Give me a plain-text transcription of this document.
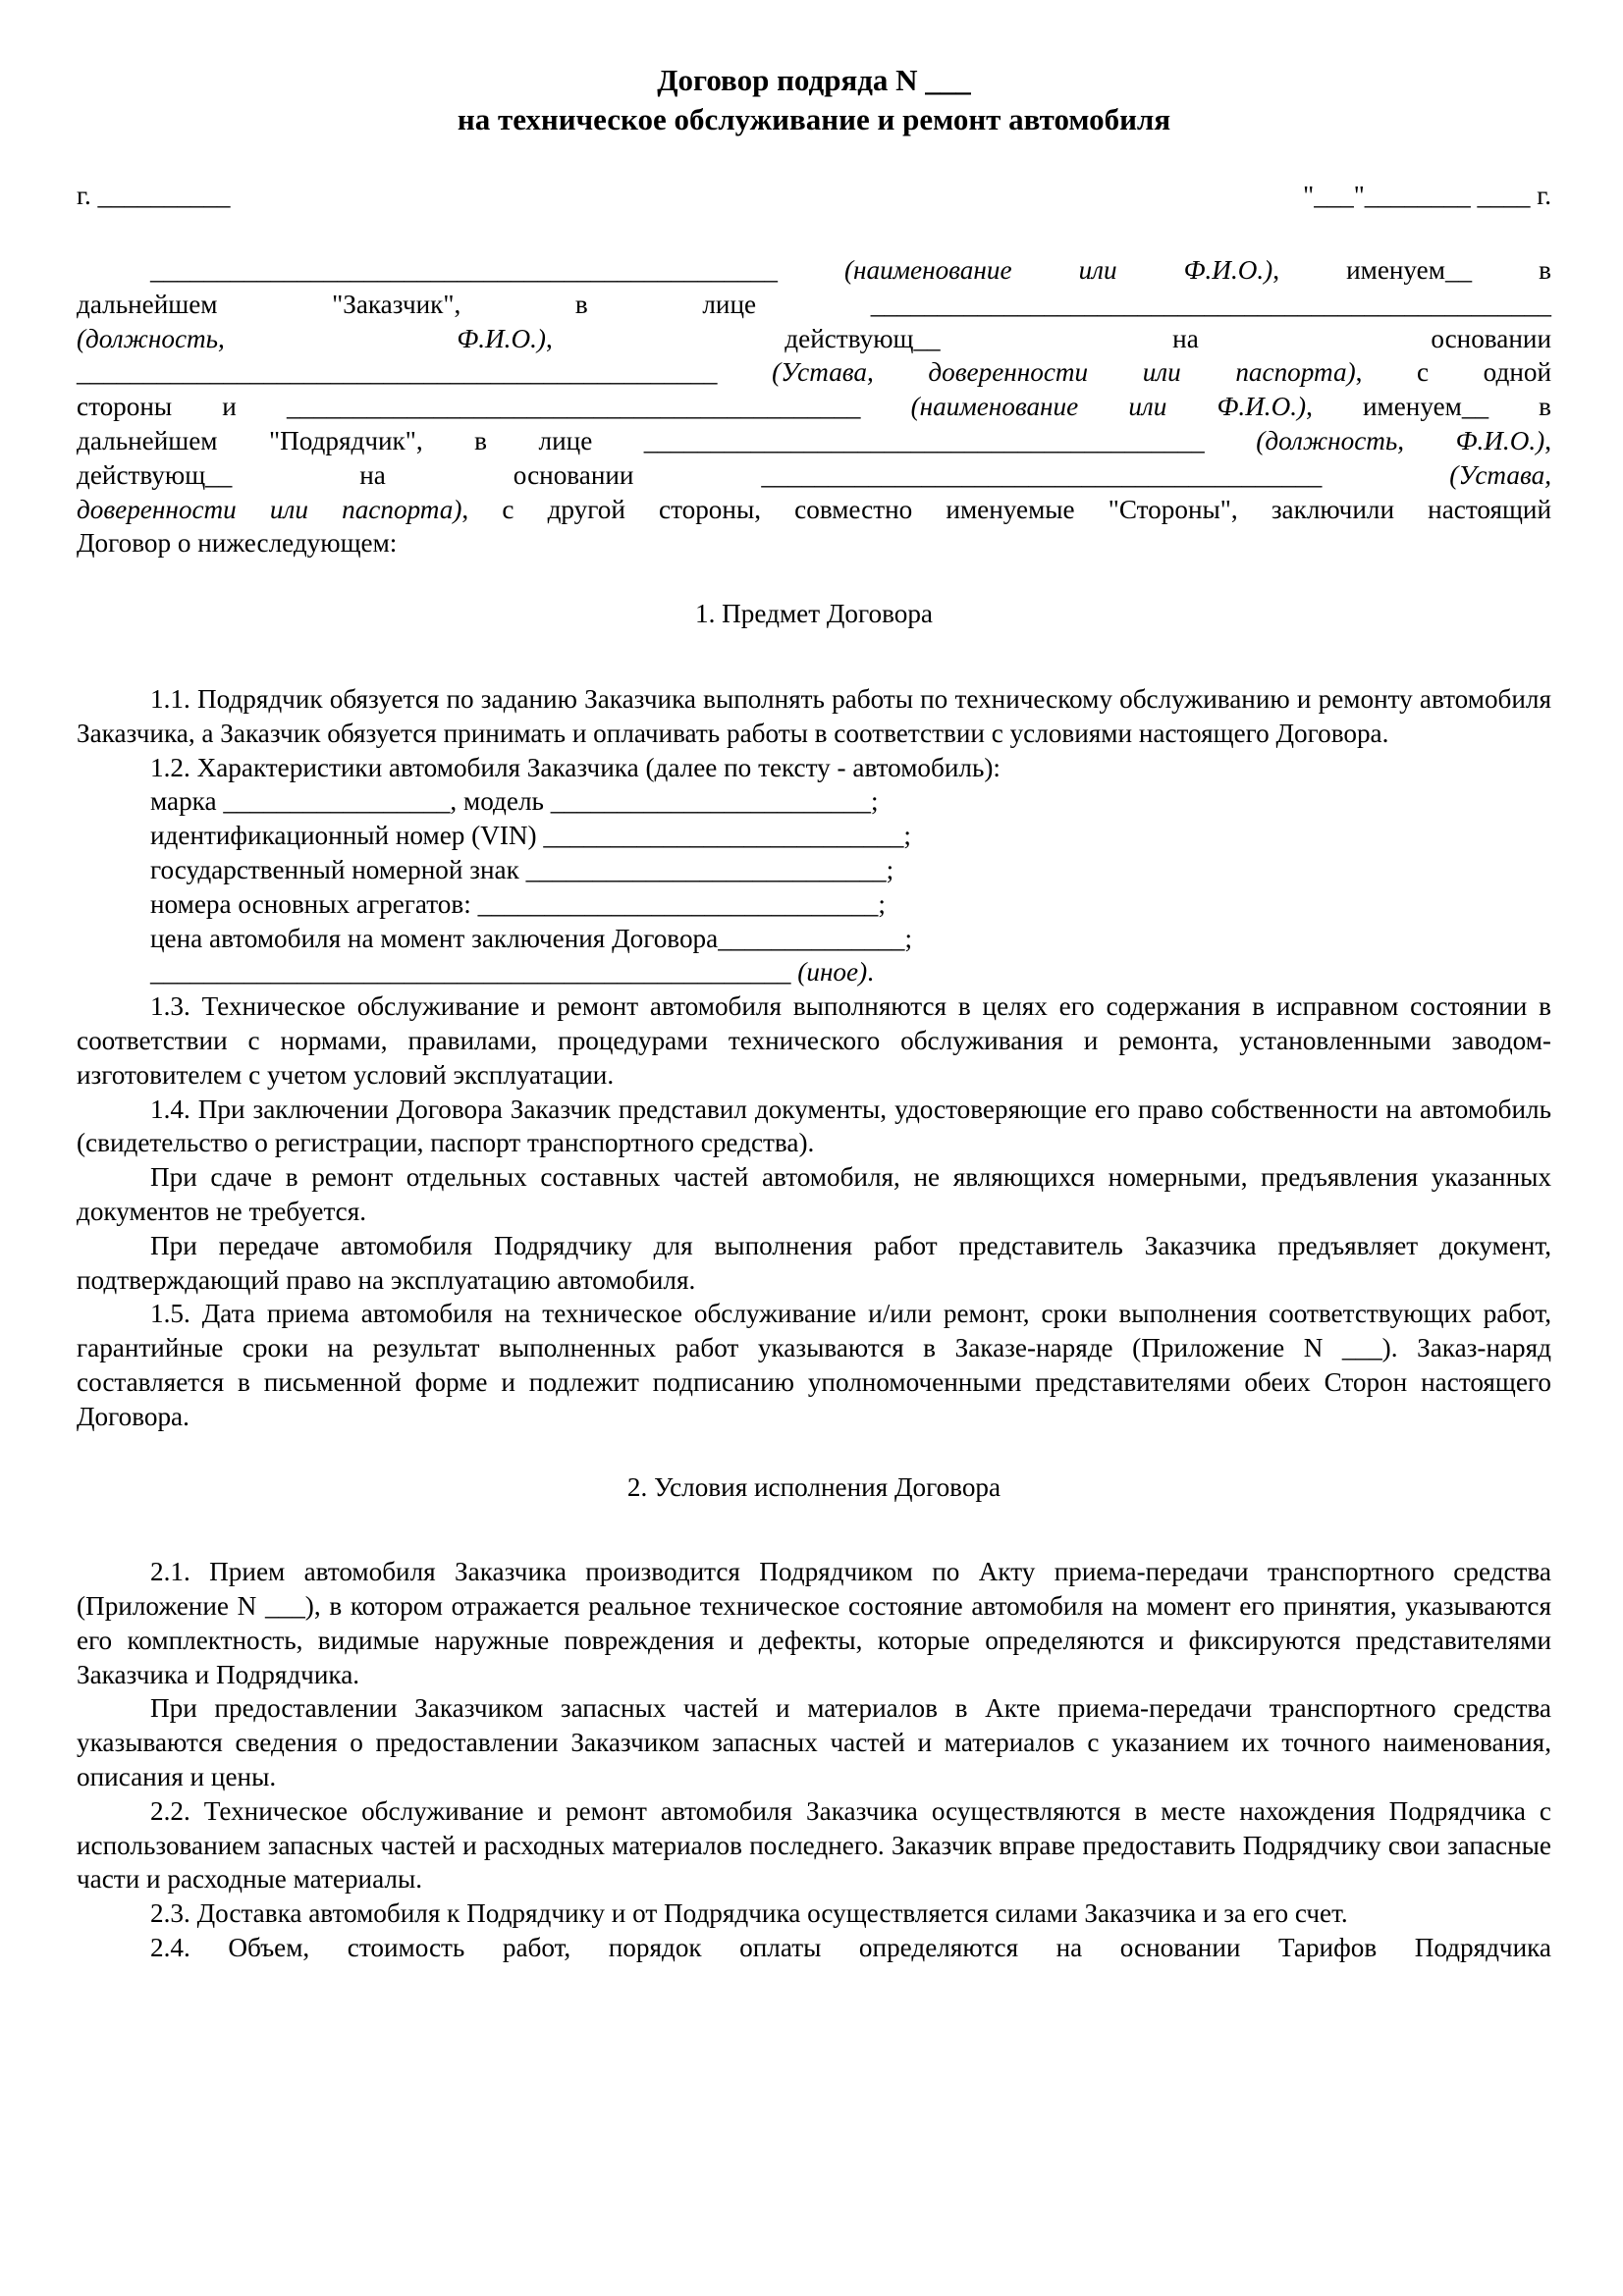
Договор подряда N ___
на техническое обслуживание и ремонт автомобиля
г. __________	"___"________ ____ г.

_______________________________________________ (наименование или Ф.И.О.), именуем__ в

дальнейшем "Заказчик", в лице ___________________________________________________

(должность, Ф.И.О.), действующ__ на основании

________________________________________________ (Устава, доверенности или паспорта), с одной

стороны и ___________________________________________ (наименование или Ф.И.О.), именуем__ в

дальнейшем "Подрядчик", в лице __________________________________________ (должность, Ф.И.О.),

действующ__ на основании __________________________________________ (Устава,

доверенности или паспорта), с другой стороны, совместно именуемые "Стороны", заключили настоящий

Договор о нижеследующем:

1. Предмет Договора

1.1. Подрядчик обязуется по заданию Заказчика выполнять работы по техническому обслуживанию и ремонту автомобиля Заказчика, а Заказчик обязуется принимать и оплачивать работы в соответствии с условиями настоящего Договора.

1.2. Характеристики автомобиля Заказчика (далее по тексту - автомобиль):

марка _________________, модель ________________________;

идентификационный номер (VIN) ___________________________;

государственный номерной знак ___________________________;

номера основных агрегатов: ______________________________;

цена автомобиля на момент заключения Договора______________;

________________________________________________ (иное).

1.3. Техническое обслуживание и ремонт автомобиля выполняются в целях его содержания в исправном состоянии в соответствии с нормами, правилами, процедурами технического обслуживания и ремонта, установленными заводом-изготовителем с учетом условий эксплуатации.

1.4. При заключении Договора Заказчик представил документы, удостоверяющие его право собственности на автомобиль (свидетельство о регистрации, паспорт транспортного средства).

При сдаче в ремонт отдельных составных частей автомобиля, не являющихся номерными, предъявления указанных документов не требуется.

При передаче автомобиля Подрядчику для выполнения работ представитель Заказчика предъявляет документ, подтверждающий право на эксплуатацию автомобиля.

1.5. Дата приема автомобиля на техническое обслуживание и/или ремонт, сроки выполнения соответствующих работ, гарантийные сроки на результат выполненных работ указываются в Заказе-наряде (Приложение N ___). Заказ-наряд составляется в письменной форме и подлежит подписанию уполномоченными представителями обеих Сторон настоящего Договора.

2. Условия исполнения Договора

2.1. Прием автомобиля Заказчика производится Подрядчиком по Акту приема-передачи транспортного средства (Приложение N ___), в котором отражается реальное техническое состояние автомобиля на момент его принятия, указываются его комплектность, видимые наружные повреждения и дефекты, которые определяются и фиксируются представителями Заказчика и Подрядчика.

При предоставлении Заказчиком запасных частей и материалов в Акте приема-передачи транспортного средства указываются сведения о предоставлении Заказчиком запасных частей и материалов с указанием их точного наименования, описания и цены.

2.2. Техническое обслуживание и ремонт автомобиля Заказчика осуществляются в месте нахождения Подрядчика с использованием запасных частей и расходных материалов последнего. Заказчик вправе предоставить Подрядчику свои запасные части и расходные материалы.

2.3. Доставка автомобиля к Подрядчику и от Подрядчика осуществляется силами Заказчика и за его счет.

2.4. Объем, стоимость работ, порядок оплаты определяются на основании Тарифов Подрядчика
